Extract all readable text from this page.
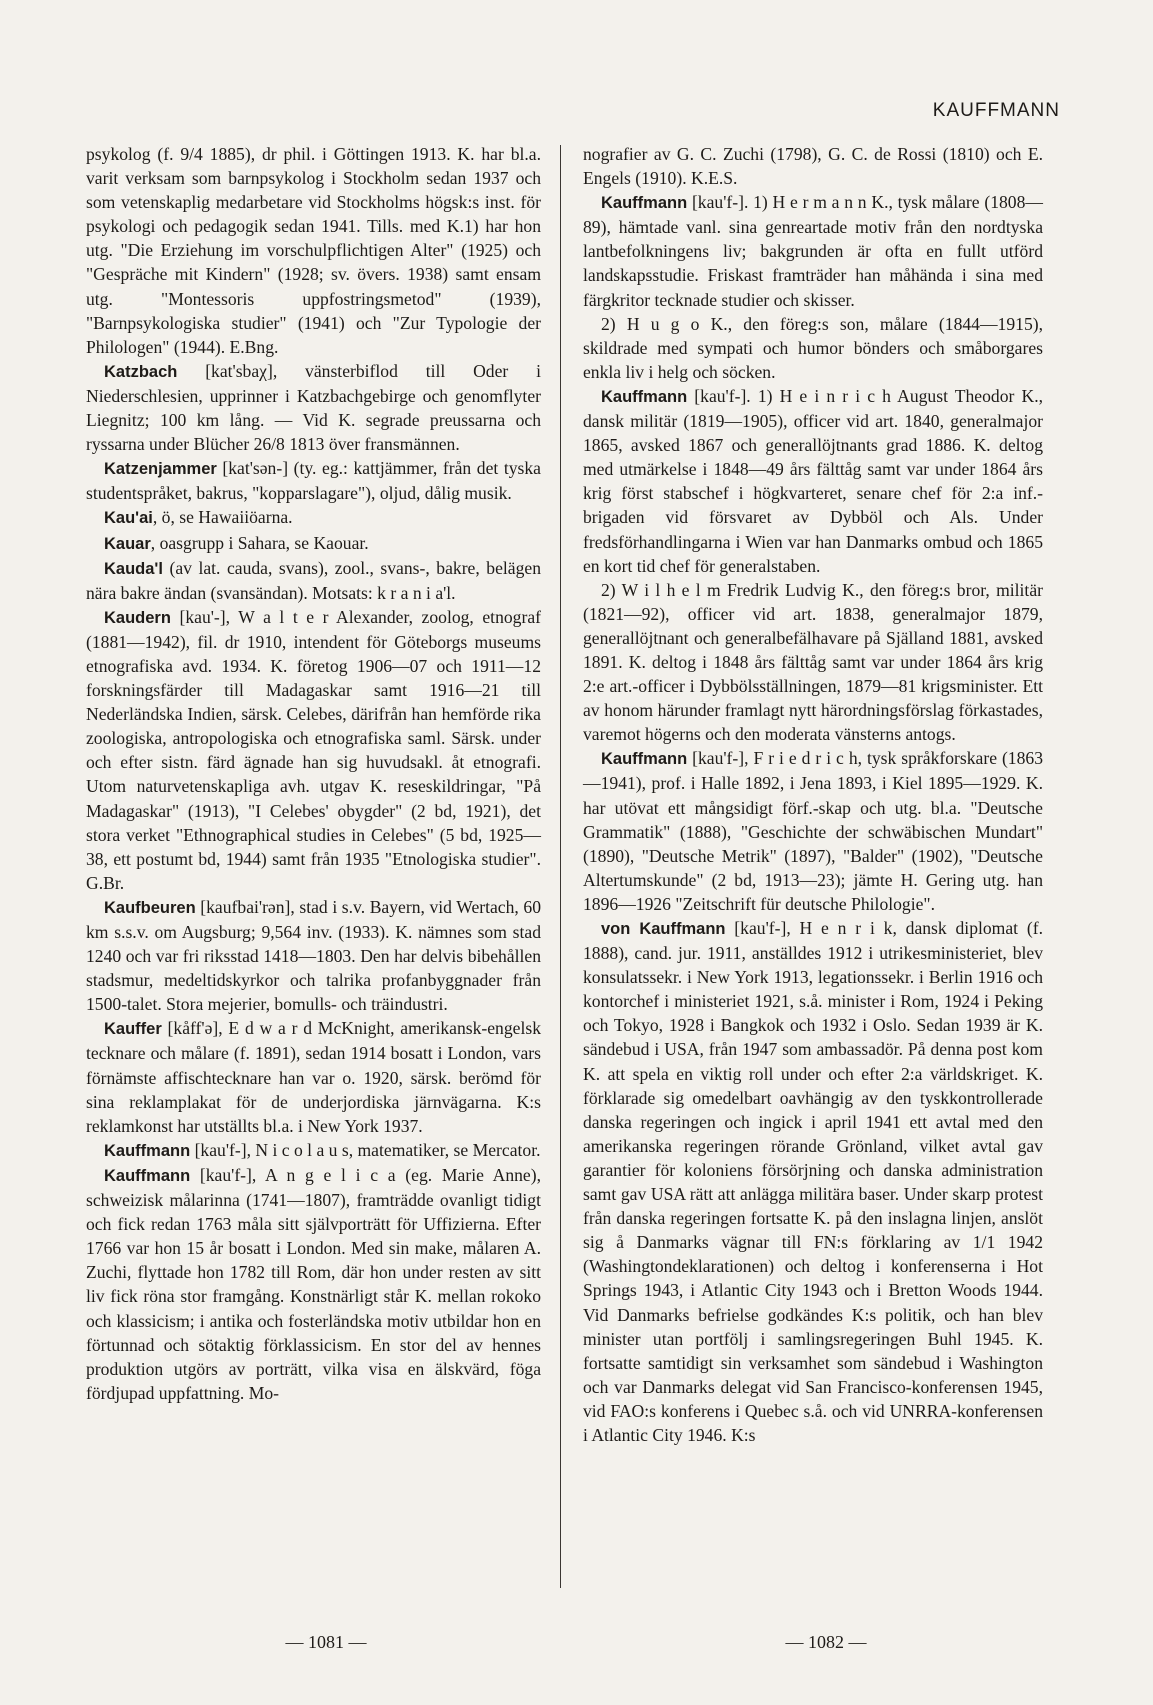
KAUFFMANN

psykolog (f. 9/4 1885), dr phil. i Göttingen 1913. K. har bl.a. varit verksam som barnpsykolog i Stockholm sedan 1937 och som vetenskaplig medarbetare vid Stockholms högsk:s inst. för psykologi och pedagogik sedan 1941. Tills. med K.1) har hon utg. "Die Erziehung im vorschulpflichtigen Alter" (1925) och "Gespräche mit Kindern" (1928; sv. övers. 1938) samt ensam utg. "Montessoris uppfostringsmetod" (1939), "Barnpsykologiska studier" (1941) och "Zur Typologie der Philologen" (1944). E.Bng.

Katzbach [kat'sbaχ], vänsterbiflod till Oder i Niederschlesien, upprinner i Katzbachgebirge och genomflyter Liegnitz; 100 km lång. — Vid K. segrade preussarna och ryssarna under Blücher 26/8 1813 över fransmännen.

Katzenjammer [kat'sən-] (ty. eg.: kattjämmer, från det tyska studentspråket, bakrus, "kopparslagare"), oljud, dålig musik.

Kau'ai, ö, se Hawaiiöarna.

Kauar, oasgrupp i Sahara, se Kaouar.

Kauda'l (av lat. cauda, svans), zool., svans-, bakre, belägen nära bakre ändan (svansändan). Motsats: k r a n i a'l.

Kaudern [kau'-], W a l t e r Alexander, zoolog, etnograf (1881—1942), fil. dr 1910, intendent för Göteborgs museums etnografiska avd. 1934. K. företog 1906—07 och 1911—12 forskningsfärder till Madagaskar samt 1916—21 till Nederländska Indien, särsk. Celebes, därifrån han hemförde rika zoologiska, antropologiska och etnografiska saml. Särsk. under och efter sistn. färd ägnade han sig huvudsakl. åt etnografi. Utom naturvetenskapliga avh. utgav K. reseskildringar, "På Madagaskar" (1913), "I Celebes' obygder" (2 bd, 1921), det stora verket "Ethnographical studies in Celebes" (5 bd, 1925—38, ett postumt bd, 1944) samt från 1935 "Etnologiska studier". G.Br.

Kaufbeuren [kaufbai'rən], stad i s.v. Bayern, vid Wertach, 60 km s.s.v. om Augsburg; 9,564 inv. (1933). K. nämnes som stad 1240 och var fri riksstad 1418—1803. Den har delvis bibehållen stadsmur, medeltidskyrkor och talrika profanbyggnader från 1500-talet. Stora mejerier, bomulls- och träindustri.

Kauffer [kåff'ə], E d w a r d McKnight, amerikansk-engelsk tecknare och målare (f. 1891), sedan 1914 bosatt i London, vars förnämste affischtecknare han var o. 1920, särsk. berömd för sina reklamplakat för de underjordiska järnvägarna. K:s reklamkonst har utställts bl.a. i New York 1937.

Kauffmann [kau'f-], N i c o l a u s, matematiker, se Mercator.

Kauffmann [kau'f-], A n g e l i c a (eg. Marie Anne), schweizisk målarinna (1741—1807), framträdde ovanligt tidigt och fick redan 1763 måla sitt självporträtt för Uffizierna. Efter 1766 var hon 15 år bosatt i London. Med sin make, målaren A. Zuchi, flyttade hon 1782 till Rom, där hon under resten av sitt liv fick röna stor framgång. Konstnärligt står K. mellan rokoko och klassicism; i antika och fosterländska motiv utbildar hon en förtunnad och sötaktig förklassicism. En stor del av hennes produktion utgörs av porträtt, vilka visa en älskvärd, föga fördjupad uppfattning. Mo-

nografier av G. C. Zuchi (1798), G. C. de Rossi (1810) och E. Engels (1910). K.E.S.

Kauffmann [kau'f-]. 1) H e r m a n n K., tysk målare (1808—89), hämtade vanl. sina genreartade motiv från den nordtyska lantbefolkningens liv; bakgrunden är ofta en fullt utförd landskapsstudie. Friskast framträder han måhända i sina med färgkritor tecknade studier och skisser.

2) H u g o K., den föreg:s son, målare (1844—1915), skildrade med sympati och humor bönders och småborgares enkla liv i helg och söcken.

Kauffmann [kau'f-]. 1) H e i n r i c h August Theodor K., dansk militär (1819—1905), officer vid art. 1840, generalmajor 1865, avsked 1867 och generallöjtnants grad 1886. K. deltog med utmärkelse i 1848—49 års fälttåg samt var under 1864 års krig först stabschef i högkvarteret, senare chef för 2:a inf.-brigaden vid försvaret av Dybböl och Als. Under fredsförhandlingarna i Wien var han Danmarks ombud och 1865 en kort tid chef för generalstaben.

2) W i l h e l m Fredrik Ludvig K., den föreg:s bror, militär (1821—92), officer vid art. 1838, generalmajor 1879, generallöjtnant och generalbefälhavare på Själland 1881, avsked 1891. K. deltog i 1848 års fälttåg samt var under 1864 års krig 2:e art.-officer i Dybbölsställningen, 1879—81 krigsminister. Ett av honom härunder framlagt nytt härordningsförslag förkastades, varemot högerns och den moderata vänsterns antogs.

Kauffmann [kau'f-], F r i e d r i c h, tysk språkforskare (1863—1941), prof. i Halle 1892, i Jena 1893, i Kiel 1895—1929. K. har utövat ett mångsidigt förf.-skap och utg. bl.a. "Deutsche Grammatik" (1888), "Geschichte der schwäbischen Mundart" (1890), "Deutsche Metrik" (1897), "Balder" (1902), "Deutsche Altertumskunde" (2 bd, 1913—23); jämte H. Gering utg. han 1896—1926 "Zeitschrift für deutsche Philologie".

von Kauffmann [kau'f-], H e n r i k, dansk diplomat (f. 1888), cand. jur. 1911, anställdes 1912 i utrikesministeriet, blev konsulatssekr. i New York 1913, legationssekr. i Berlin 1916 och kontorchef i ministeriet 1921, s.å. minister i Rom, 1924 i Peking och Tokyo, 1928 i Bangkok och 1932 i Oslo. Sedan 1939 är K. sändebud i USA, från 1947 som ambassadör. På denna post kom K. att spela en viktig roll under och efter 2:a världskriget. K. förklarade sig omedelbart oavhängig av den tyskkontrollerade danska regeringen och ingick i april 1941 ett avtal med den amerikanska regeringen rörande Grönland, vilket avtal gav garantier för koloniens försörjning och danska administration samt gav USA rätt att anlägga militära baser. Under skarp protest från danska regeringen fortsatte K. på den inslagna linjen, anslöt sig å Danmarks vägnar till FN:s förklaring av 1/1 1942 (Washingtondeklarationen) och deltog i konferenserna i Hot Springs 1943, i Atlantic City 1943 och i Bretton Woods 1944. Vid Danmarks befrielse godkändes K:s politik, och han blev minister utan portfölj i samlingsregeringen Buhl 1945. K. fortsatte samtidigt sin verksamhet som sändebud i Washington och var Danmarks delegat vid San Francisco-konferensen 1945, vid FAO:s konferens i Quebec s.å. och vid UNRRA-konferensen i Atlantic City 1946. K:s

— 1081 —	— 1082 —
